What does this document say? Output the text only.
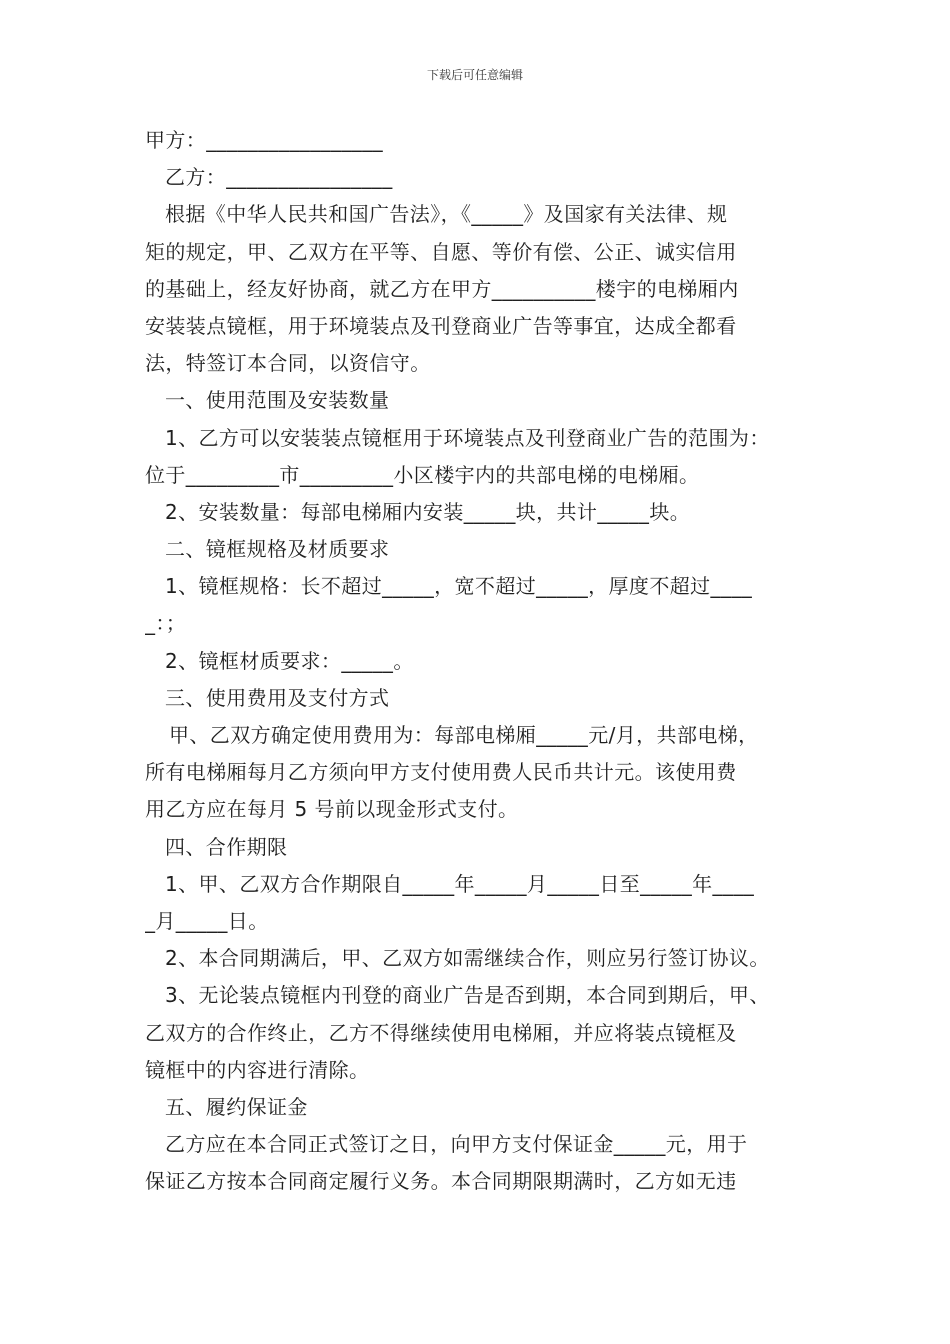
下载后可任意编辑
甲方：_________________
乙方：________________
根据《中华人民共和国广告法》，《_____》及国家有关法律、规
矩的规定，甲、乙双方在平等、自愿、等价有偿、公正、诚实信用
的基础上，经友好协商，就乙方在甲方__________楼宇的电梯厢内
安装装点镜框，用于环境装点及刊登商业广告等事宜，达成全都看
法，特签订本合同，以资信守。
一、使用范围及安装数量
1、乙方可以安装装点镜框用于环境装点及刊登商业广告的范围为：
位于_________市_________小区楼宇内的共部电梯的电梯厢。
2、安装数量：每部电梯厢内安装_____块，共计_____块。
二、镜框规格及材质要求
1、镜框规格：长不超过_____，宽不超过_____，厚度不超过____
_：；
2、镜框材质要求：_____。
三、使用费用及支付方式
甲、乙双方确定使用费用为：每部电梯厢_____元/月，共部电梯，
所有电梯厢每月乙方须向甲方支付使用费人民币共计元。该使用费
用乙方应在每月 5 号前以现金形式支付。
四、合作期限
1、甲、乙双方合作期限自_____年_____月_____日至_____年____
_月_____日。
2、本合同期满后，甲、乙双方如需继续合作，则应另行签订协议。
3、无论装点镜框内刊登的商业广告是否到期，本合同到期后，甲、
乙双方的合作终止，乙方不得继续使用电梯厢，并应将装点镜框及
镜框中的内容进行清除。
五、履约保证金
乙方应在本合同正式签订之日，向甲方支付保证金_____元，用于
保证乙方按本合同商定履行义务。本合同期限期满时，乙方如无违
